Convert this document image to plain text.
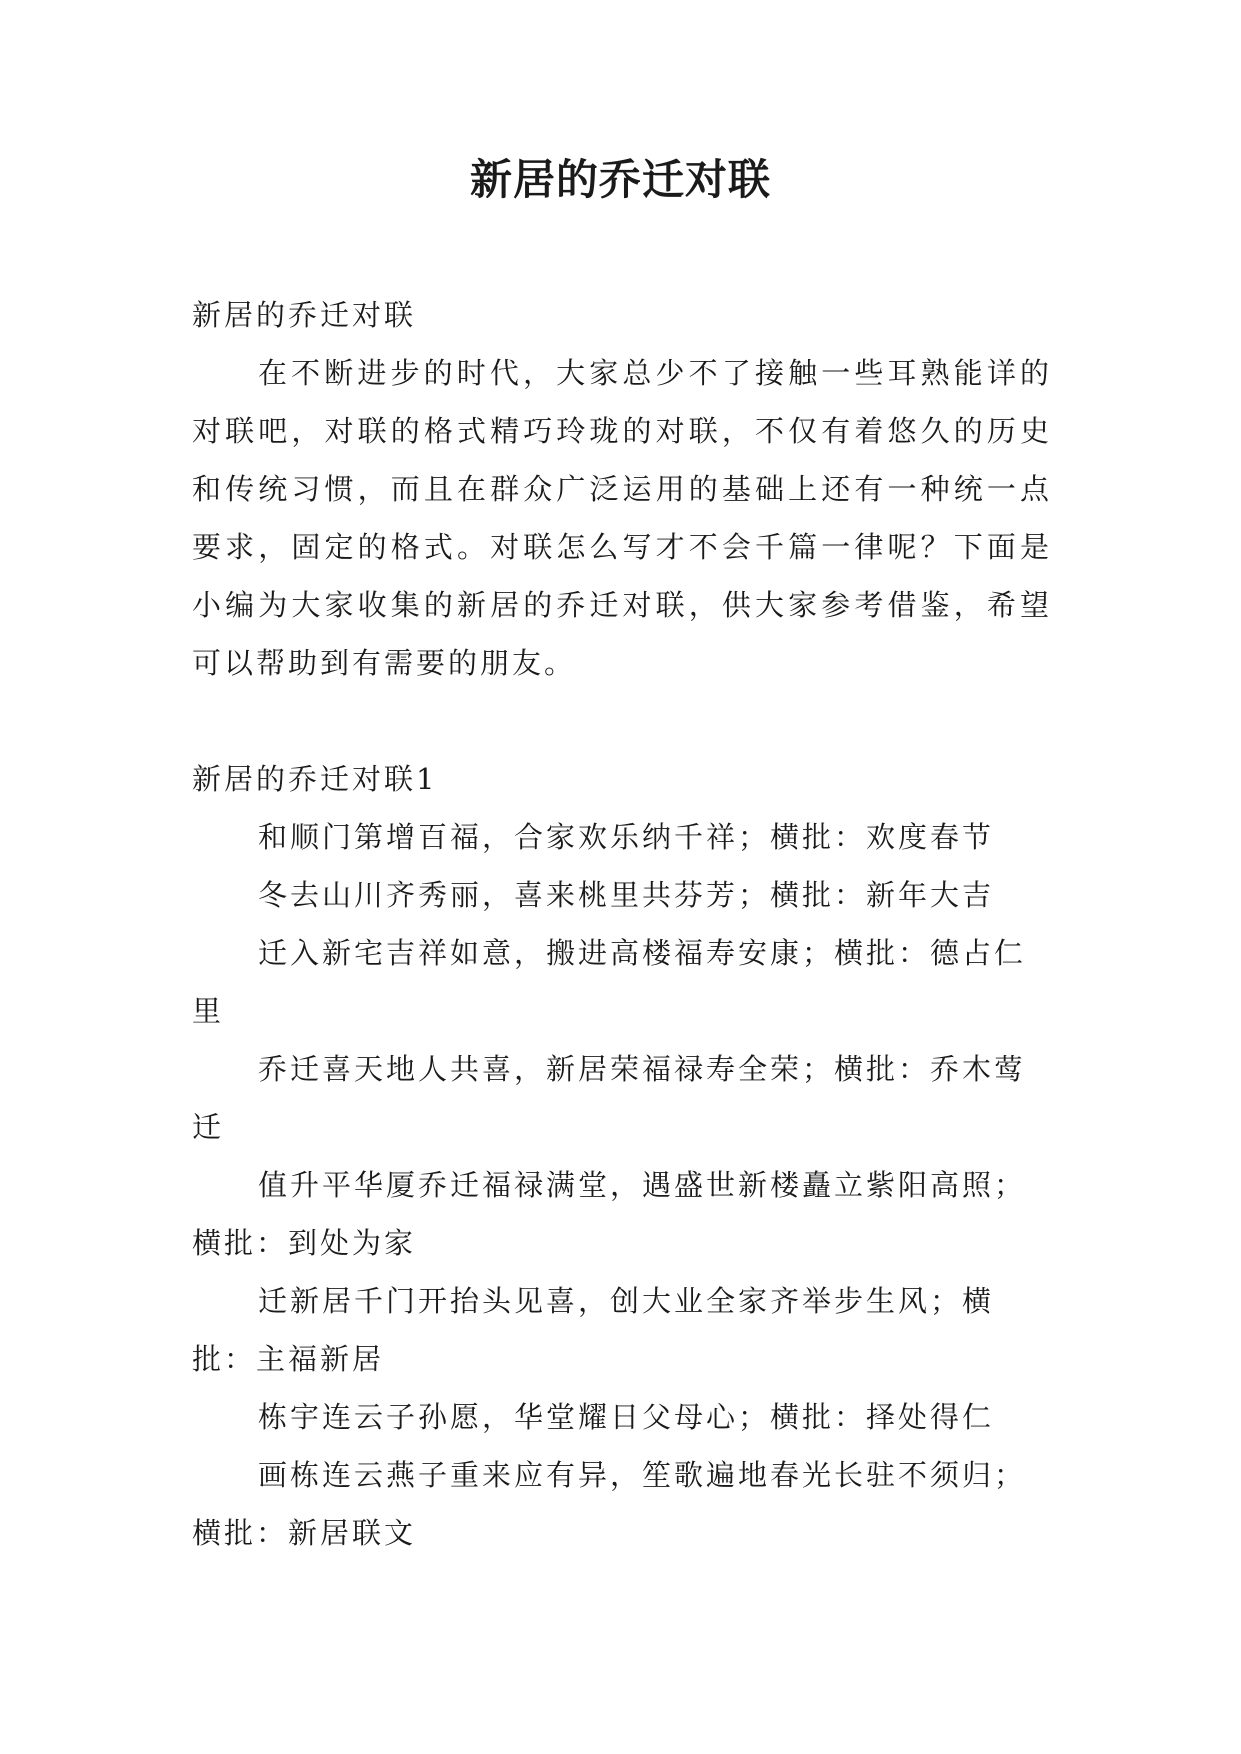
新居的乔迁对联

新居的乔迁对联

在不断进步的时代，大家总少不了接触一些耳熟能详的对联吧，对联的格式精巧玲珑的对联，不仅有着悠久的历史和传统习惯，而且在群众广泛运用的基础上还有一种统一点要求，固定的格式。对联怎么写才不会千篇一律呢？下面是小编为大家收集的新居的乔迁对联，供大家参考借鉴，希望可以帮助到有需要的朋友。

新居的乔迁对联1

和顺门第增百福，合家欢乐纳千祥；横批：欢度春节

冬去山川齐秀丽，喜来桃里共芬芳；横批：新年大吉

迁入新宅吉祥如意，搬进高楼福寿安康；横批：德占仁里

乔迁喜天地人共喜，新居荣福禄寿全荣；横批：乔木莺迁

值升平华厦乔迁福禄满堂，遇盛世新楼矗立紫阳高照；横批：到处为家

迁新居千门开抬头见喜，创大业全家齐举步生风；横批：主福新居

栋宇连云子孙愿，华堂耀日父母心；横批：择处得仁

画栋连云燕子重来应有异，笙歌遍地春光长驻不须归；横批：新居联文
